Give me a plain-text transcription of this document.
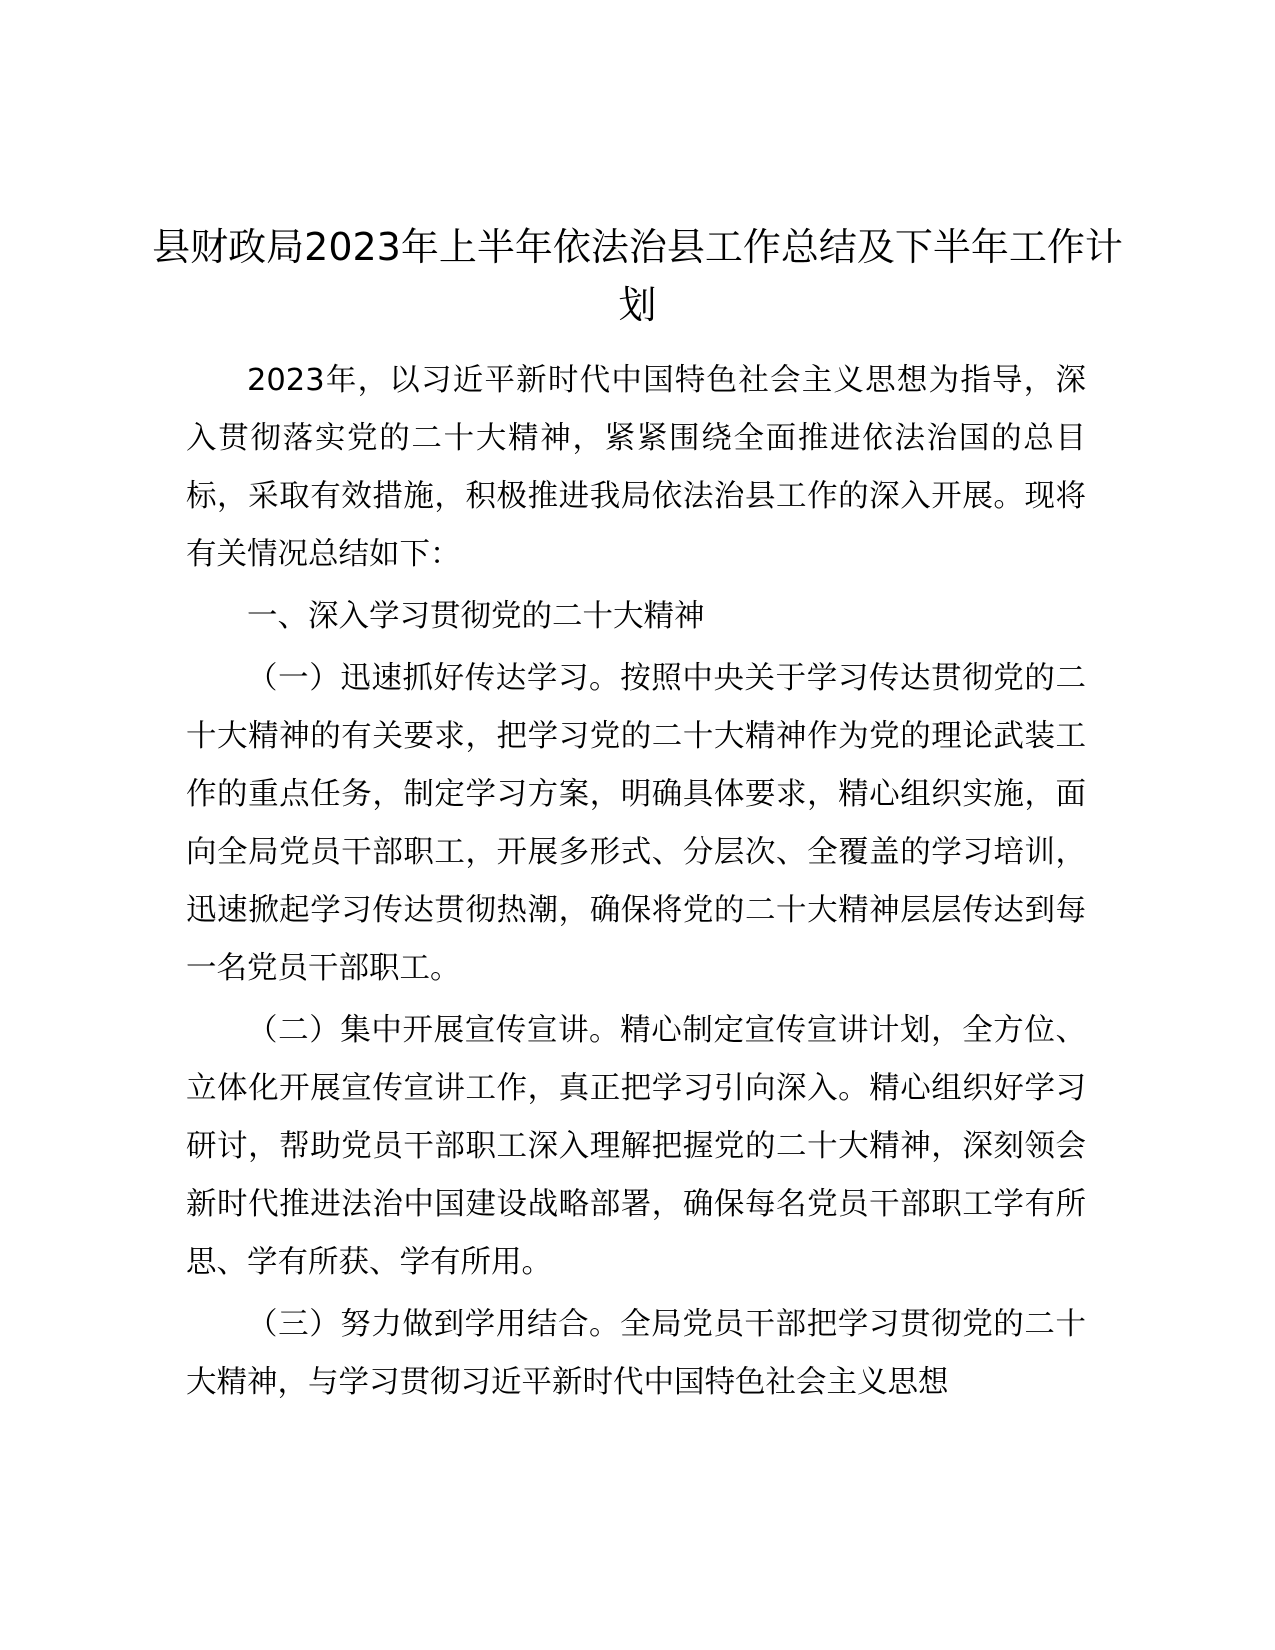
县财政局2023年上半年依法治县工作总结及下半年工作计划

2023年，以习近平新时代中国特色社会主义思想为指导，深入贯彻落实党的二十大精神，紧紧围绕全面推进依法治国的总目标，采取有效措施，积极推进我局依法治县工作的深入开展。现将有关情况总结如下：

一、深入学习贯彻党的二十大精神

（一）迅速抓好传达学习。按照中央关于学习传达贯彻党的二十大精神的有关要求，把学习党的二十大精神作为党的理论武装工作的重点任务，制定学习方案，明确具体要求，精心组织实施，面向全局党员干部职工，开展多形式、分层次、全覆盖的学习培训，迅速掀起学习传达贯彻热潮，确保将党的二十大精神层层传达到每一名党员干部职工。

（二）集中开展宣传宣讲。精心制定宣传宣讲计划，全方位、立体化开展宣传宣讲工作，真正把学习引向深入。精心组织好学习研讨，帮助党员干部职工深入理解把握党的二十大精神，深刻领会新时代推进法治中国建设战略部署，确保每名党员干部职工学有所思、学有所获、学有所用。

（三）努力做到学用结合。全局党员干部把学习贯彻党的二十大精神，与学习贯彻习近平新时代中国特色社会主义思想
